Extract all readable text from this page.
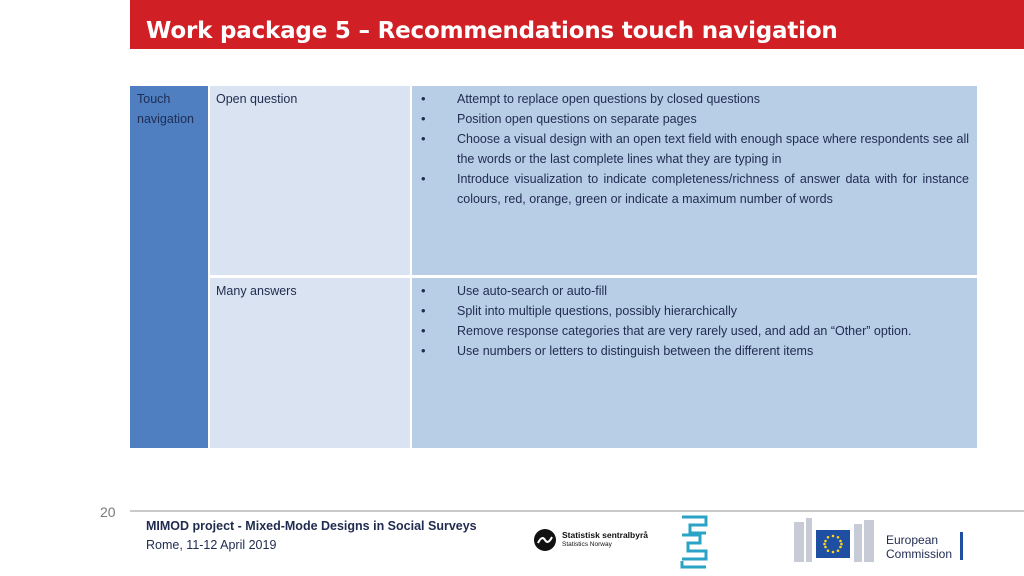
Work package 5 – Recommendations touch navigation
Touch navigation
Open question	•	Attempt to replace open questions by closed questions
•	Position open questions on separate pages
•	Choose a visual design with an open text field with enough space where respondents see all the words or the last complete lines what they are typing in
•	Introduce visualization to indicate completeness/richness of answer data with for instance colours, red, orange, green or indicate a maximum number of words
Many answers	•	Use auto-search or auto-fill
•	Split into multiple questions, possibly hierarchically
•	Remove response categories that are very rarely used, and add an “Other” option.
•	Use numbers or letters to distinguish between the different items
20
MIMOD project - Mixed-Mode Designs in Social Surveys
Rome, 11-12 April 2019
Statistisk sentralbyrå
Statistics Norway	European
Commission
